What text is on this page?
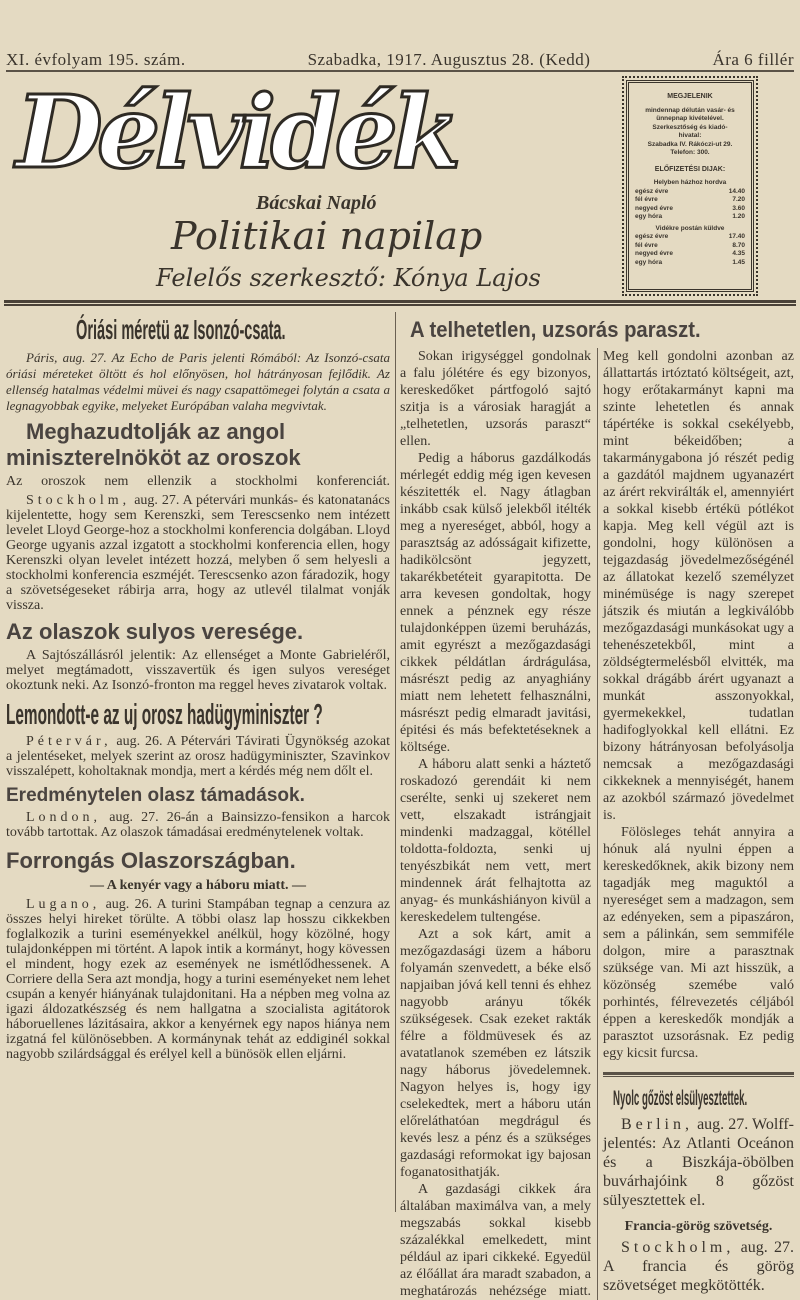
XI. évfolyam 195. szám.	Szabadka, 1917. Augusztus 28. (Kedd)	Ára 6 fillér
Délvidék
Bácskai Napló
Politikai napilap
Felelős szerkesztő: Kónya Lajos
MEGJELENIK
mindennap délután vasár- és
ünnepnap kivételével.
Szerkesztőség és kiadó-
hivatal:
Szabadka IV. Rákóczi-ut 29.
Telefon: 300.
ELŐFIZETÉSI DIJAK:
Helyben házhoz hordva
egész évre	14.40
fél évre	7.20
negyed évre	3.60
egy hóra	1.20
Vidékre postán küldve
egész évre	17.40
fél évre	8.70
negyed évre	4.35
egy hóra	1.45
Óriási méretü az Isonzó-csata.

Páris, aug. 27. Az Echo de Paris jelenti Rómából: Az Isonzó-csata óriási méreteket öltött és hol előnyösen, hol hátrányosan fejlődik. Az ellenség hatalmas védelmi müvei és nagy csapattömegei folytán a csata a legnagyobbak egyike, melyeket Európában valaha megvivtak.

Meghazudtolják az angol
miniszterelnököt az oroszok
Az oroszok nem ellenzik a stockholmi konferenciát.

Stockholm, aug. 27. A pétervári munkás- és katonatanács kijelentette, hogy sem Kerenszki, sem Terescsenko nem intézett levelet Lloyd George-hoz a stockholmi konferencia dolgában. Lloyd George ugyanis azzal izgatott a stockholmi konferencia ellen, hogy Kerenszki olyan levelet intézett hozzá, melyben ő sem helyesli a stockholmi konferencia eszméjét. Terescsenko azon fáradozik, hogy a szövetségeseket rábirja arra, hogy az utlevél tilalmat vonják vissza.

Az olaszok sulyos veresége.

A Sajtószállásról jelentik: Az ellenséget a Monte Gabrieléről, melyet megtámadott, visszavertük és igen sulyos vereséget okoztunk neki. Az Isonzó-fronton ma reggel heves zivatarok voltak.

Lemondott-e az uj orosz hadügyminiszter ?

Pétervár, aug. 26. A Pétervári Távirati Ügynökség azokat a jelentéseket, melyek szerint az orosz hadügyminiszter, Szavinkov visszalépett, koholtaknak mondja, mert a kérdés még nem dőlt el.

Eredménytelen olasz támadások.

London, aug. 27. 26-án a Bainsizzo-fensikon a harcok tovább tartottak. Az olaszok támadásai eredménytelenek voltak.

Forrongás Olaszországban.
— A kenyér vagy a háboru miatt. —

Lugano, aug. 26. A turini Stampában tegnap a cenzura az összes helyi hireket törülte. A többi olasz lap hosszu cikkekben foglalkozik a turini eseményekkel anélkül, hogy közölné, hogy tulajdonképpen mi történt. A lapok intik a kormányt, hogy kövessen el mindent, hogy ezek az események ne ismétlődhessenek. A Corriere della Sera azt mondja, hogy a turini eseményeket nem lehet csupán a kenyér hiányának tulajdonitani. Ha a népben meg volna az igazi áldozatkészség és nem hallgatna a szocialista agitátorok háboruellenes lázitásaira, akkor a kenyérnek egy napos hiánya nem izgatná fel különösebben. A kormánynak tehát az eddiginél sokkal nagyobb szilárdsággal és erélyel kell a bünösök ellen eljárni.

A telhetetlen, uzsorás paraszt.

Sokan irigységgel gondolnak a falu jólétére és egy bizonyos, kereskedőket pártfogoló sajtó szitja is a városiak haragját a „telhetetlen, uzsorás paraszt“ ellen.

Pedig a háborus gazdálkodás mérlegét eddig még igen kevesen készitették el. Nagy átlagban inkább csak külső jelekből itélték meg a nyereséget, abból, hogy a parasztság az adósságait kifizette, hadikölcsönt jegyzett, takarékbetéteit gyarapitotta. De arra kevesen gondoltak, hogy ennek a pénznek egy része tulajdonképpen üzemi beruházás, amit egyrészt a mezőgazdasági cikkek példátlan árdrágulása, másrészt pedig az anyaghiány miatt nem lehetett felhasználni, másrészt pedig elmaradt javitási, épitési és más befektetéseknek a költsége.

A háboru alatt senki a háztető roskadozó gerendáit ki nem cserélte, senki uj szekeret nem vett, elszakadt istrángjait mindenki madzaggal, kötéllel toldotta-foldozta, senki uj tenyészbikát nem vett, mert mindennek árát felhajtotta az anyag- és munkáshiányon kivül a kereskedelem tultengése.

Azt a sok kárt, amit a mezőgazdasági üzem a háboru folyamán szenvedett, a béke első napjaiban jóvá kell tenni és ehhez nagyobb arányu tőkék szükségesek. Csak ezeket rakták félre a földmüvesek és az avatatlanok szemében ez látszik nagy háborus jövedelemnek. Nagyon helyes is, hogy igy cselekedtek, mert a háboru után előreláthatóan megdrágul és kevés lesz a pénz és a szükséges gazdasági reformokat igy bajosan foganatosithatják.

A gazdasági cikkek ára általában maximálva van, a mely megszabás sokkal kisebb százalékkal emelkedett, mint például az ipari cikkeké. Egyedül az élőállat ára maradt szabadon, a meghatározás nehézsége miatt. Meg kell gondolni azonban az állattartás irtóztató költségeit, azt, hogy erőtakarmányt kapni ma szinte lehetetlen és annak tápértéke is sokkal csekélyebb, mint békeidőben; a takarmánygabona jó részét pedig a gazdától majdnem ugyanazért az árért rekvirálták el, amennyiért a sokkal kisebb értékü pótlékot kapja. Meg kell végül azt is gondolni, hogy különösen a tejgazdaság jövedelmezőségénél az állatokat kezelő személyzet minémüsége is nagy szerepet játszik és miután a legkiválóbb mezőgazdasági munkásokat ugy a tehenészetekből, mint a zöldségtermelésből elvitték, ma sokkal drágább árért ugyanazt a munkát asszonyokkal, gyermekekkel, tudatlan hadifoglyokkal kell ellátni. Ez bizony hátrányosan befolyásolja nemcsak a mezőgazdasági cikkeknek a mennyiségét, hanem az azokból származó jövedelmet is.

Fölösleges tehát annyira a hónuk alá nyulni éppen a kereskedőknek, akik bizony nem tagadják meg maguktól a nyereséget sem a madzagon, sem az edényeken, sem a pipaszáron, sem a pálinkán, sem semmiféle dolgon, mire a parasztnak szüksége van. Mi azt hisszük, a közönség szemébe való porhintés, félrevezetés céljából éppen a kereskedők mondják a parasztot uzsorásnak. Ez pedig egy kicsit furcsa.

Nyolc gőzöst elsülyesztettek.

Berlin, aug. 27. Wolff-jelentés: Az Atlanti Oceánon és a Biszkája-öbölben buvárhajóink 8 gőzöst sülyesztettek el.

Francia-görög szövetség.

Stockholm, aug. 27. A francia és görög szövetséget megkötötték.
